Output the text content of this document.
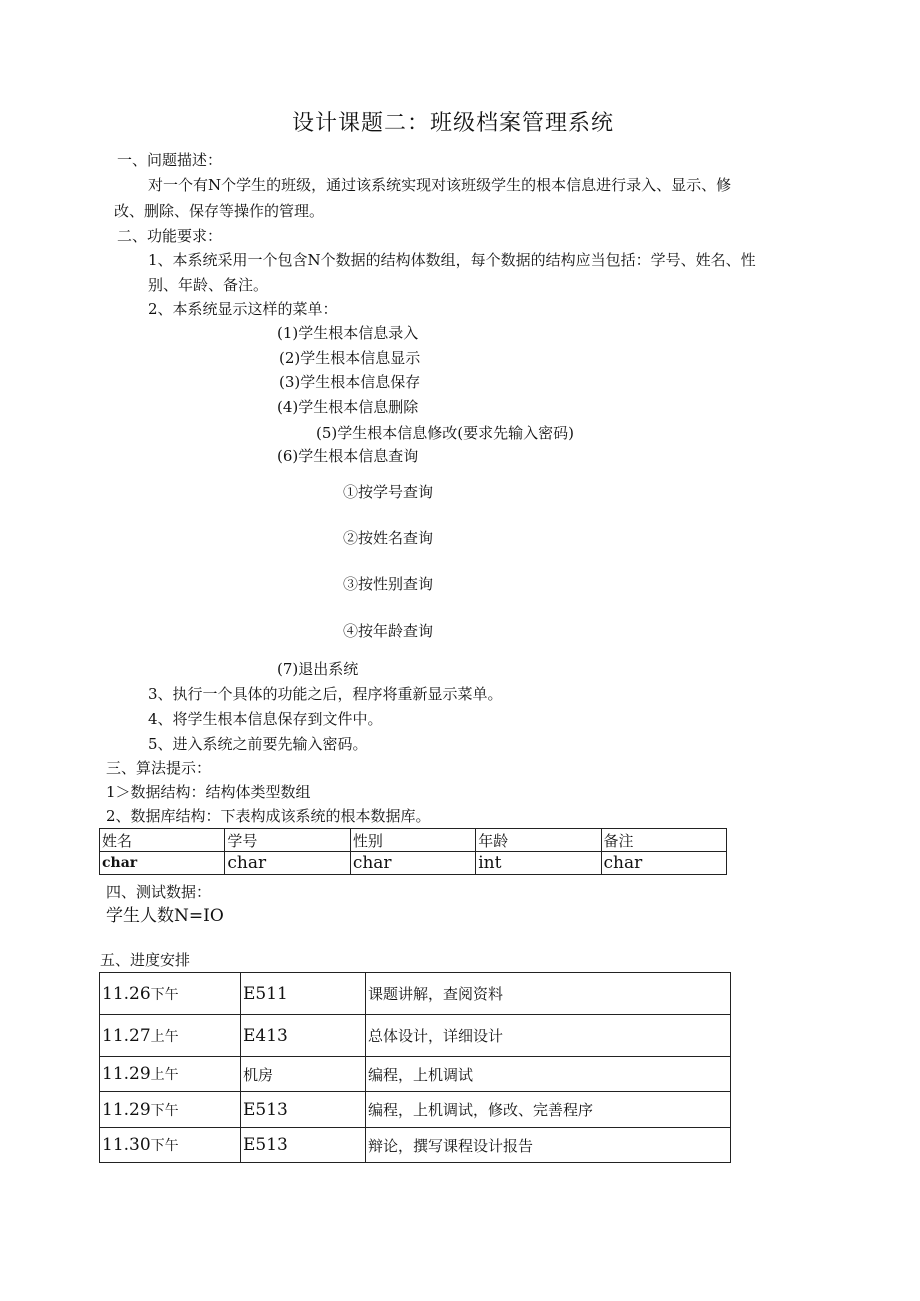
设计课题二：班级档案管理系统
一、问题描述：
对一个有N个学生的班级，通过该系统实现对该班级学生的根本信息进行录入、显示、修
改、删除、保存等操作的管理。
二、功能要求：
1、本系统采用一个包含N个数据的结构体数组，每个数据的结构应当包括：学号、姓名、性
别、年龄、备注。
2、本系统显示这样的菜单：
(1)学生根本信息录入
(2)学生根本信息显示
(3)学生根本信息保存
(4)学生根本信息删除
(5)学生根本信息修改(要求先输入密码)
(6)学生根本信息查询
①按学号查询
②按姓名查询
③按性别查询
④按年龄查询
(7)退出系统
3、执行一个具体的功能之后，程序将重新显示菜单。
4、将学生根本信息保存到文件中。
5、进入系统之前要先输入密码。
三、算法提示：
1＞数据结构：结构体类型数组
2、数据库结构：下表构成该系统的根本数据库。
姓名	学号	性别	年龄	备注
char	char	char	int	char
四、测试数据：
学生人数N=IO
五、进度安排
11.26下午	E511	课题讲解，查阅资料
11.27上午	E413	总体设计，详细设计
11.29上午	机房	编程，上机调试
11.29下午	E513	编程，上机调试，修改、完善程序
11.30下午	E513	辩论，撰写课程设计报告
